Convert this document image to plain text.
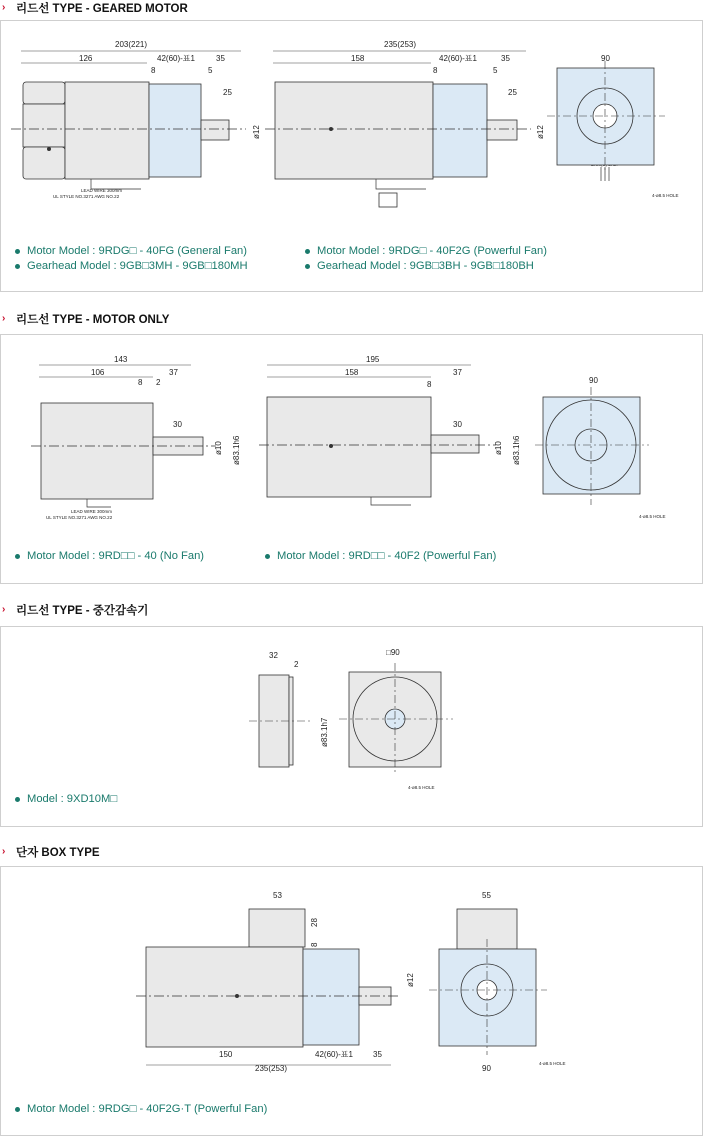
› 리드선 TYPE - GEARED MOTOR
203(221)
126	42(60)-표1	35
8	5
25
ø12
LEAD WIRE 300mm
UL STYLE NO.3271 AWG NO.22
235(253)
158	42(60)-표1	35
8	5
25
ø12
90
4-ø8.5 HOLE
Motor Model : 9RDG□ - 40FG (General Fan)	Motor Model : 9RDG□ - 40F2G (Powerful Fan)
Gearhead Model : 9GB□3MH - 9GB□180MH	Gearhead Model : 9GB□3BH - 9GB□180BH
› 리드선 TYPE - MOTOR ONLY
143
106	37
8 2
30
ø10 ø83.1h6
LEAD WIRE 300mm
UL STYLE NO.3271 AWG NO.22
195
158	37
8
30
ø10 ø83.1h6
90
4-ø8.5 HOLE
Motor Model : 9RD□□ - 40 (No Fan)	Motor Model : 9RD□□ - 40F2 (Powerful Fan)
› 리드선 TYPE - 중간감속기
32
2
ø83.1h7
□90
4-ø8.5 HOLE
Model : 9XD10M□
› 단자 BOX TYPE
53
28
8
ø12
150	42(60)-표1	35
235(253)
55
90
4-ø8.5 HOLE
Motor Model : 9RDG□ - 40F2G·T (Powerful Fan)
